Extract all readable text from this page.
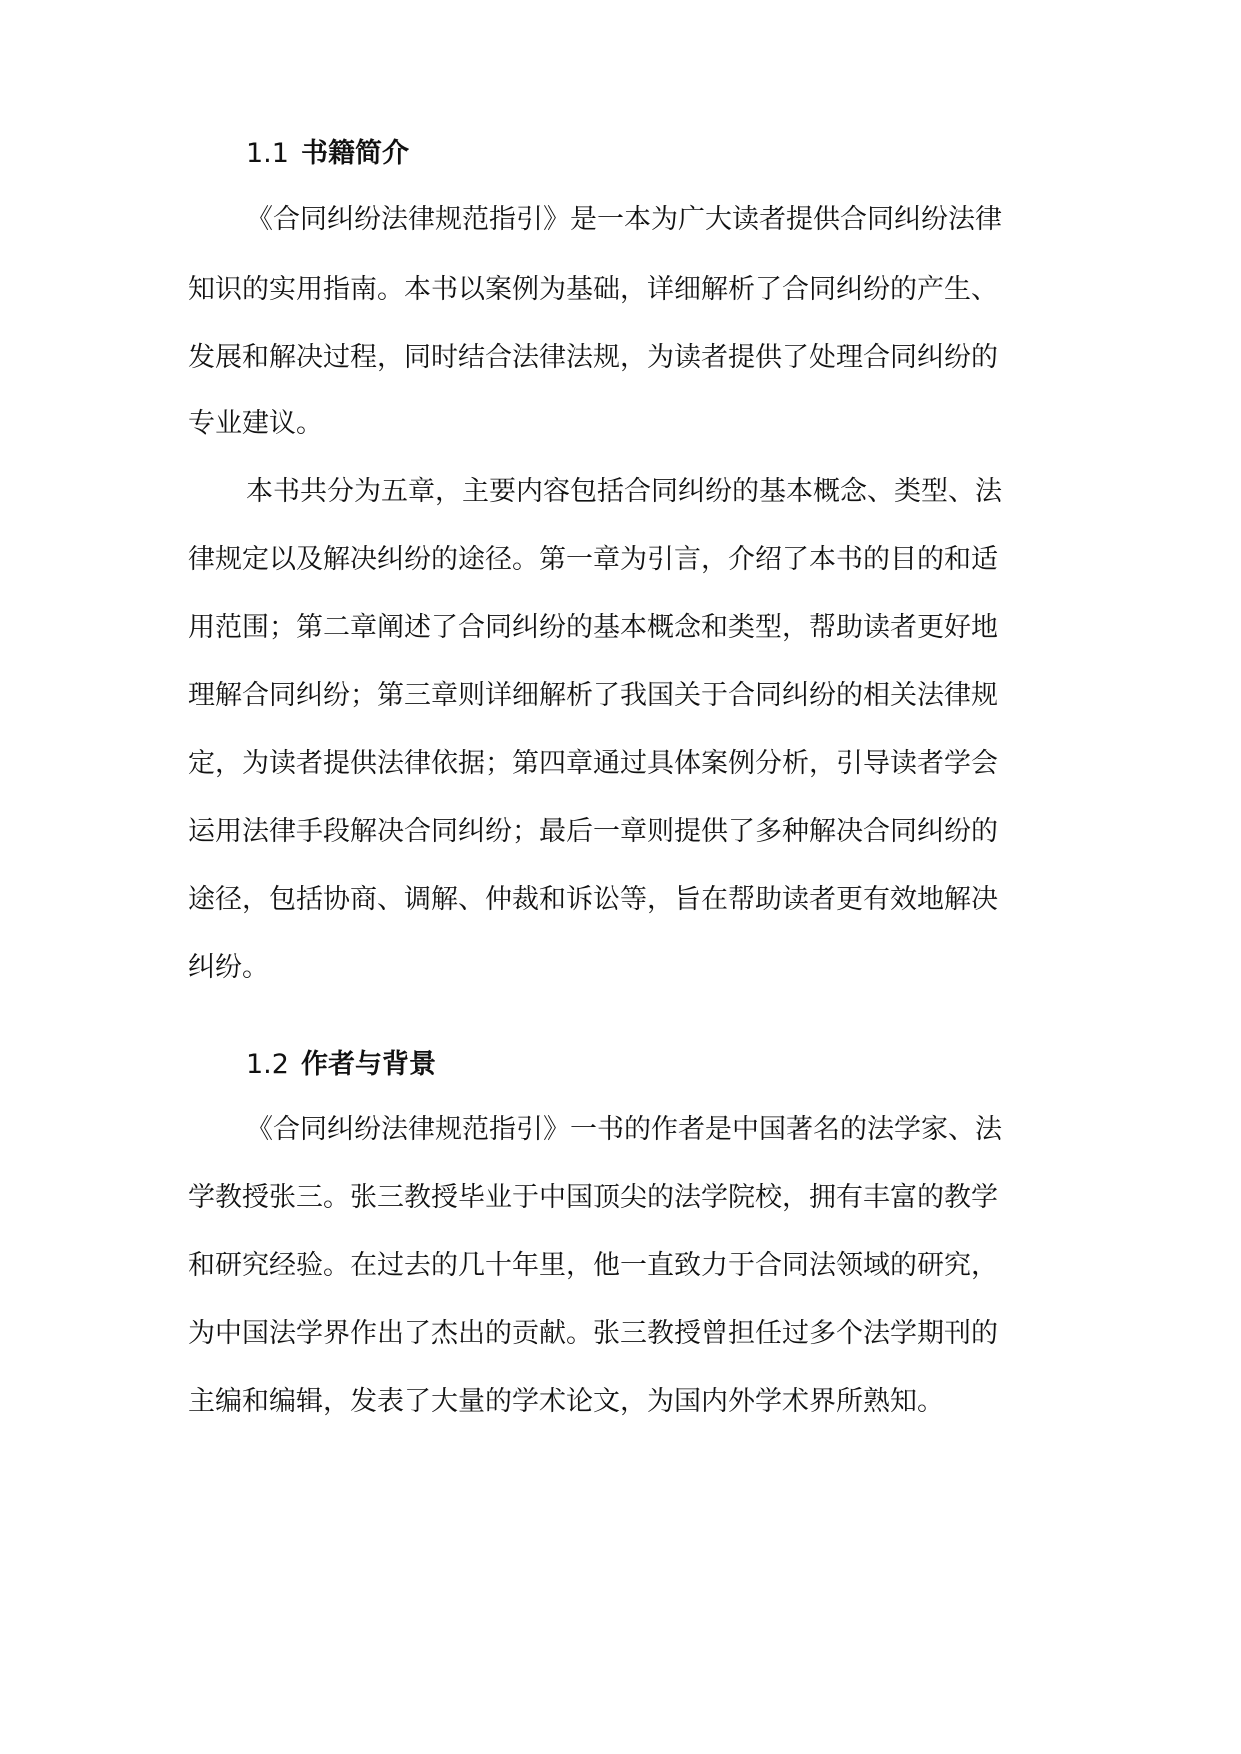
1.1 书籍简介
《合同纠纷法律规范指引》是一本为广大读者提供合同纠纷法律
知识的实用指南。本书以案例为基础，详细解析了合同纠纷的产生、
发展和解决过程，同时结合法律法规，为读者提供了处理合同纠纷的
专业建议。
本书共分为五章，主要内容包括合同纠纷的基本概念、类型、法
律规定以及解决纠纷的途径。第一章为引言，介绍了本书的目的和适
用范围；第二章阐述了合同纠纷的基本概念和类型，帮助读者更好地
理解合同纠纷；第三章则详细解析了我国关于合同纠纷的相关法律规
定，为读者提供法律依据；第四章通过具体案例分析，引导读者学会
运用法律手段解决合同纠纷；最后一章则提供了多种解决合同纠纷的
途径，包括协商、调解、仲裁和诉讼等，旨在帮助读者更有效地解决
纠纷。
1.2 作者与背景
《合同纠纷法律规范指引》一书的作者是中国著名的法学家、法
学教授张三。张三教授毕业于中国顶尖的法学院校，拥有丰富的教学
和研究经验。在过去的几十年里，他一直致力于合同法领域的研究，
为中国法学界作出了杰出的贡献。张三教授曾担任过多个法学期刊的
主编和编辑，发表了大量的学术论文，为国内外学术界所熟知。
